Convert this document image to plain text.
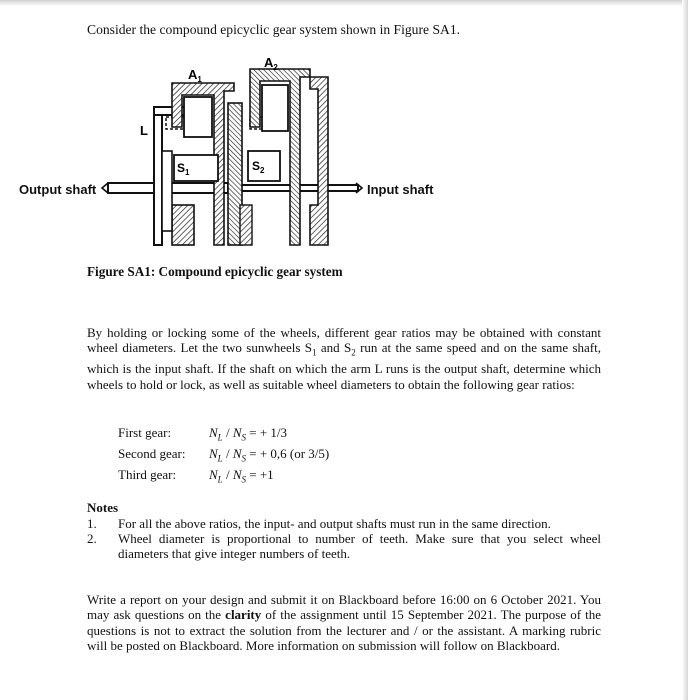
Consider the compound epicyclic gear system shown in Figure SA1.
$A_1$
$A_2$
L
$S_1$	$S_2$
Output shaft	Input shaft
Figure SA1: Compound epicyclic gear system

By holding or locking some of the wheels, different gear ratios may be obtained with constant wheel diameters. Let the two sunwheels $S_1$ and $S_2$ run at the same speed and on the same shaft, which is the input shaft. If the shaft on which the arm L runs is the output shaft, determine which wheels to hold or lock, as well as suitable wheel diameters to obtain the following gear ratios:

First gear:	$N_L / N_S$ = + 1/3
Second gear:	$N_L / N_S$ = + 0,6 (or 3/5)
Third gear:	$N_L / N_S = +1$
Notes
1.	For all the above ratios, the input- and output shafts must run in the same direction.
2.	Wheel diameter is proportional to number of teeth. Make sure that you select wheel diameters that give integer numbers of teeth.

Write a report on your design and submit it on Blackboard before 16:00 on 6 October 2021. You may ask questions on the clarity of the assignment until 15 September 2021. The purpose of the questions is not to extract the solution from the lecturer and / or the assistant. A marking rubric will be posted on Blackboard. More information on submission will follow on Blackboard.
